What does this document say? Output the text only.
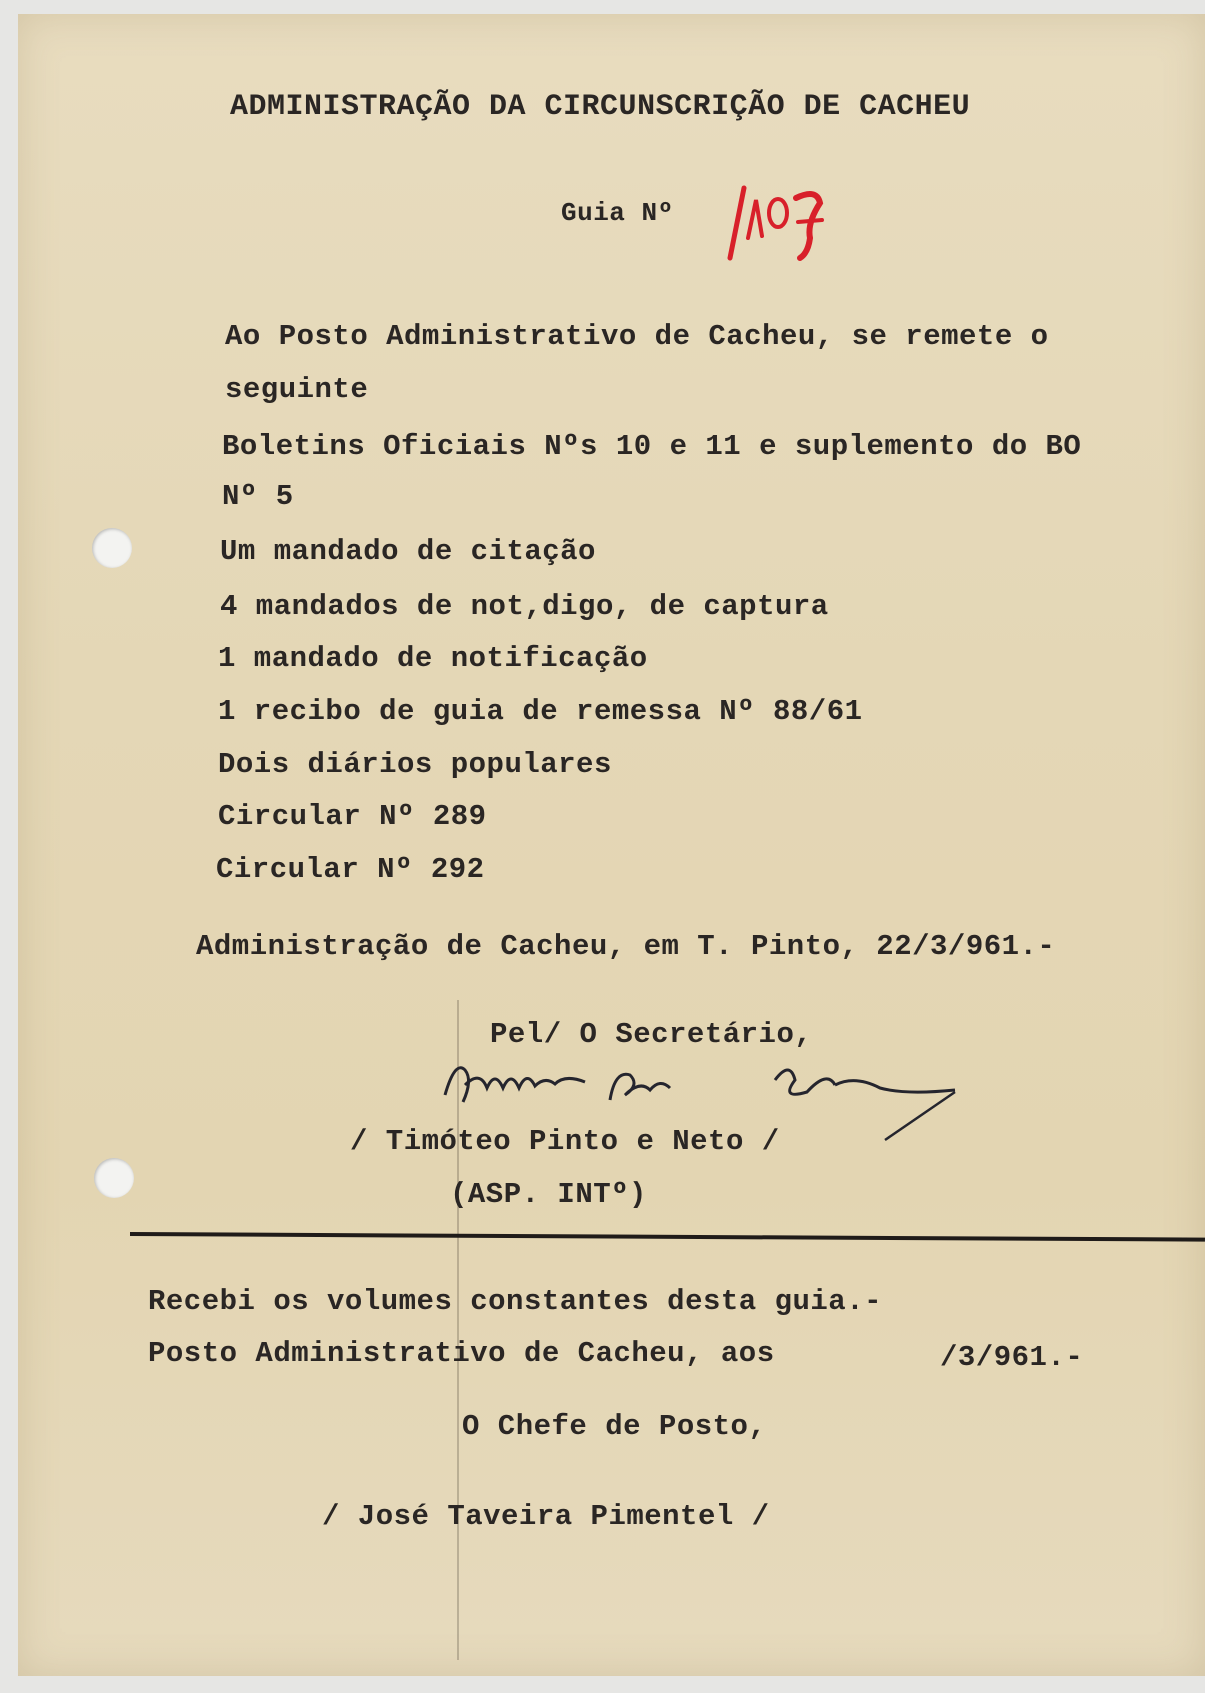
ADMINISTRAÇÃO DA CIRCUNSCRIÇÃO DE CACHEU
Guia Nº
Ao Posto Administrativo de Cacheu, se remete o
seguinte
Boletins Oficiais Nºs 10 e 11 e suplemento do BO
Nº 5
Um mandado de citação
4 mandados de not,digo, de captura
1 mandado de notificação
1 recibo de guia de remessa Nº 88/61
Dois diários populares
Circular Nº 289
Circular Nº 292
Administração de Cacheu, em T. Pinto, 22/3/961.-
Pel/ O Secretário,
/ Timóteo Pinto e Neto /
(ASP. INTº)
Recebi os volumes constantes desta guia.-
Posto Administrativo de Cacheu, aos	/3/961.-
O Chefe de Posto,
/ José Taveira Pimentel /
